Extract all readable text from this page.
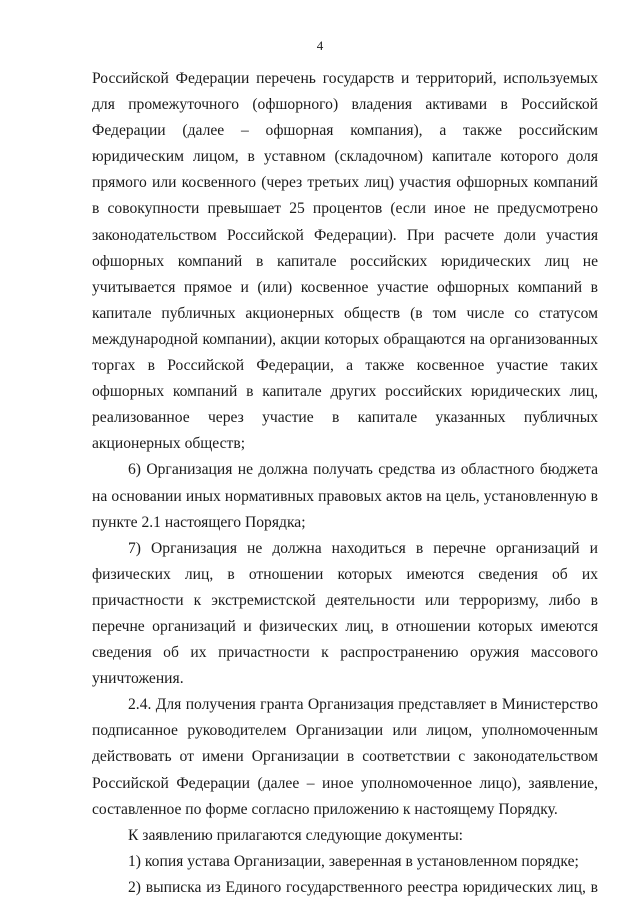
4

Российской Федерации перечень государств и территорий, используемых для промежуточного (офшорного) владения активами в Российской Федерации (далее – офшорная компания), а также российским юридическим лицом, в уставном (складочном) капитале которого доля прямого или косвенного (через третьих лиц) участия офшорных компаний в совокупности превышает 25 процентов (если иное не предусмотрено законодательством Российской Федерации). При расчете доли участия офшорных компаний в капитале российских юридических лиц не учитывается прямое и (или) косвенное участие офшорных компаний в капитале публичных акционерных обществ (в том числе со статусом международной компании), акции которых обращаются на организованных торгах в Российской Федерации, а также косвенное участие таких офшорных компаний в капитале других российских юридических лиц, реализованное через участие в капитале указанных публичных акционерных обществ;

6) Организация не должна получать средства из областного бюджета на основании иных нормативных правовых актов на цель, установленную в пункте 2.1 настоящего Порядка;

7) Организация не должна находиться в перечне организаций и физических лиц, в отношении которых имеются сведения об их причастности к экстремистской деятельности или терроризму, либо в перечне организаций и физических лиц, в отношении которых имеются сведения об их причастности к распространению оружия массового уничтожения.

2.4. Для получения гранта Организация представляет в Министерство подписанное руководителем Организации или лицом, уполномоченным действовать от имени Организации в соответствии с законодательством Российской Федерации (далее – иное уполномоченное лицо), заявление, составленное по форме согласно приложению к настоящему Порядку.

К заявлению прилагаются следующие документы:

1) копия устава Организации, заверенная в установленном порядке;

2) выписка из Единого государственного реестра юридических лиц, в
